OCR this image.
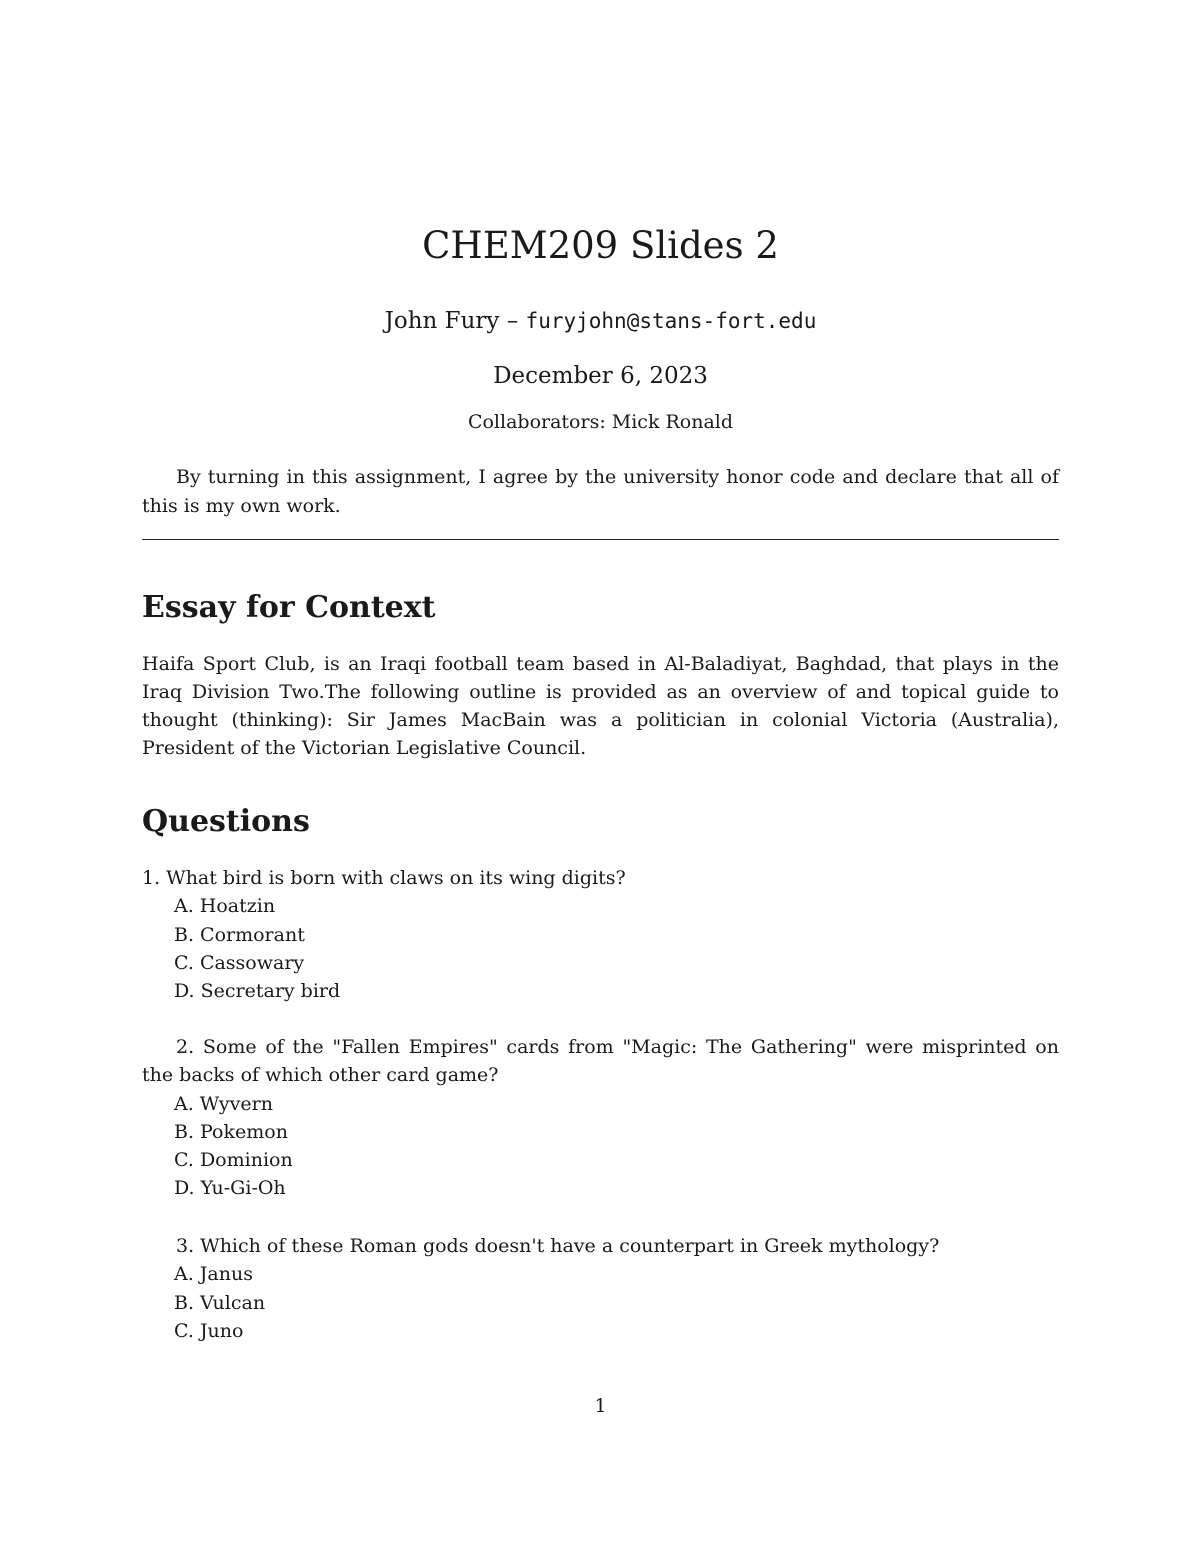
CHEM209 Slides 2
John Fury – furyjohn@stans-fort.edu
December 6, 2023
Collaborators: Mick Ronald

By turning in this assignment, I agree by the university honor code and declare that all of this is my own work.

Essay for Context

Haifa Sport Club, is an Iraqi football team based in Al-Baladiyat, Baghdad, that plays in the Iraq Division Two.The following outline is provided as an overview of and topical guide to thought (thinking): Sir James MacBain was a politician in colonial Victoria (Australia), President of the Victorian Legislative Council.

Questions

1. What bird is born with claws on its wing digits?

A. Hoatzin
B. Cormorant
C. Cassowary
D. Secretary bird

2. Some of the "Fallen Empires" cards from "Magic: The Gathering" were misprinted on the backs of which other card game?

A. Wyvern
B. Pokemon
C. Dominion
D. Yu-Gi-Oh

3. Which of these Roman gods doesn't have a counterpart in Greek mythology?

A. Janus
B. Vulcan
C. Juno
1
